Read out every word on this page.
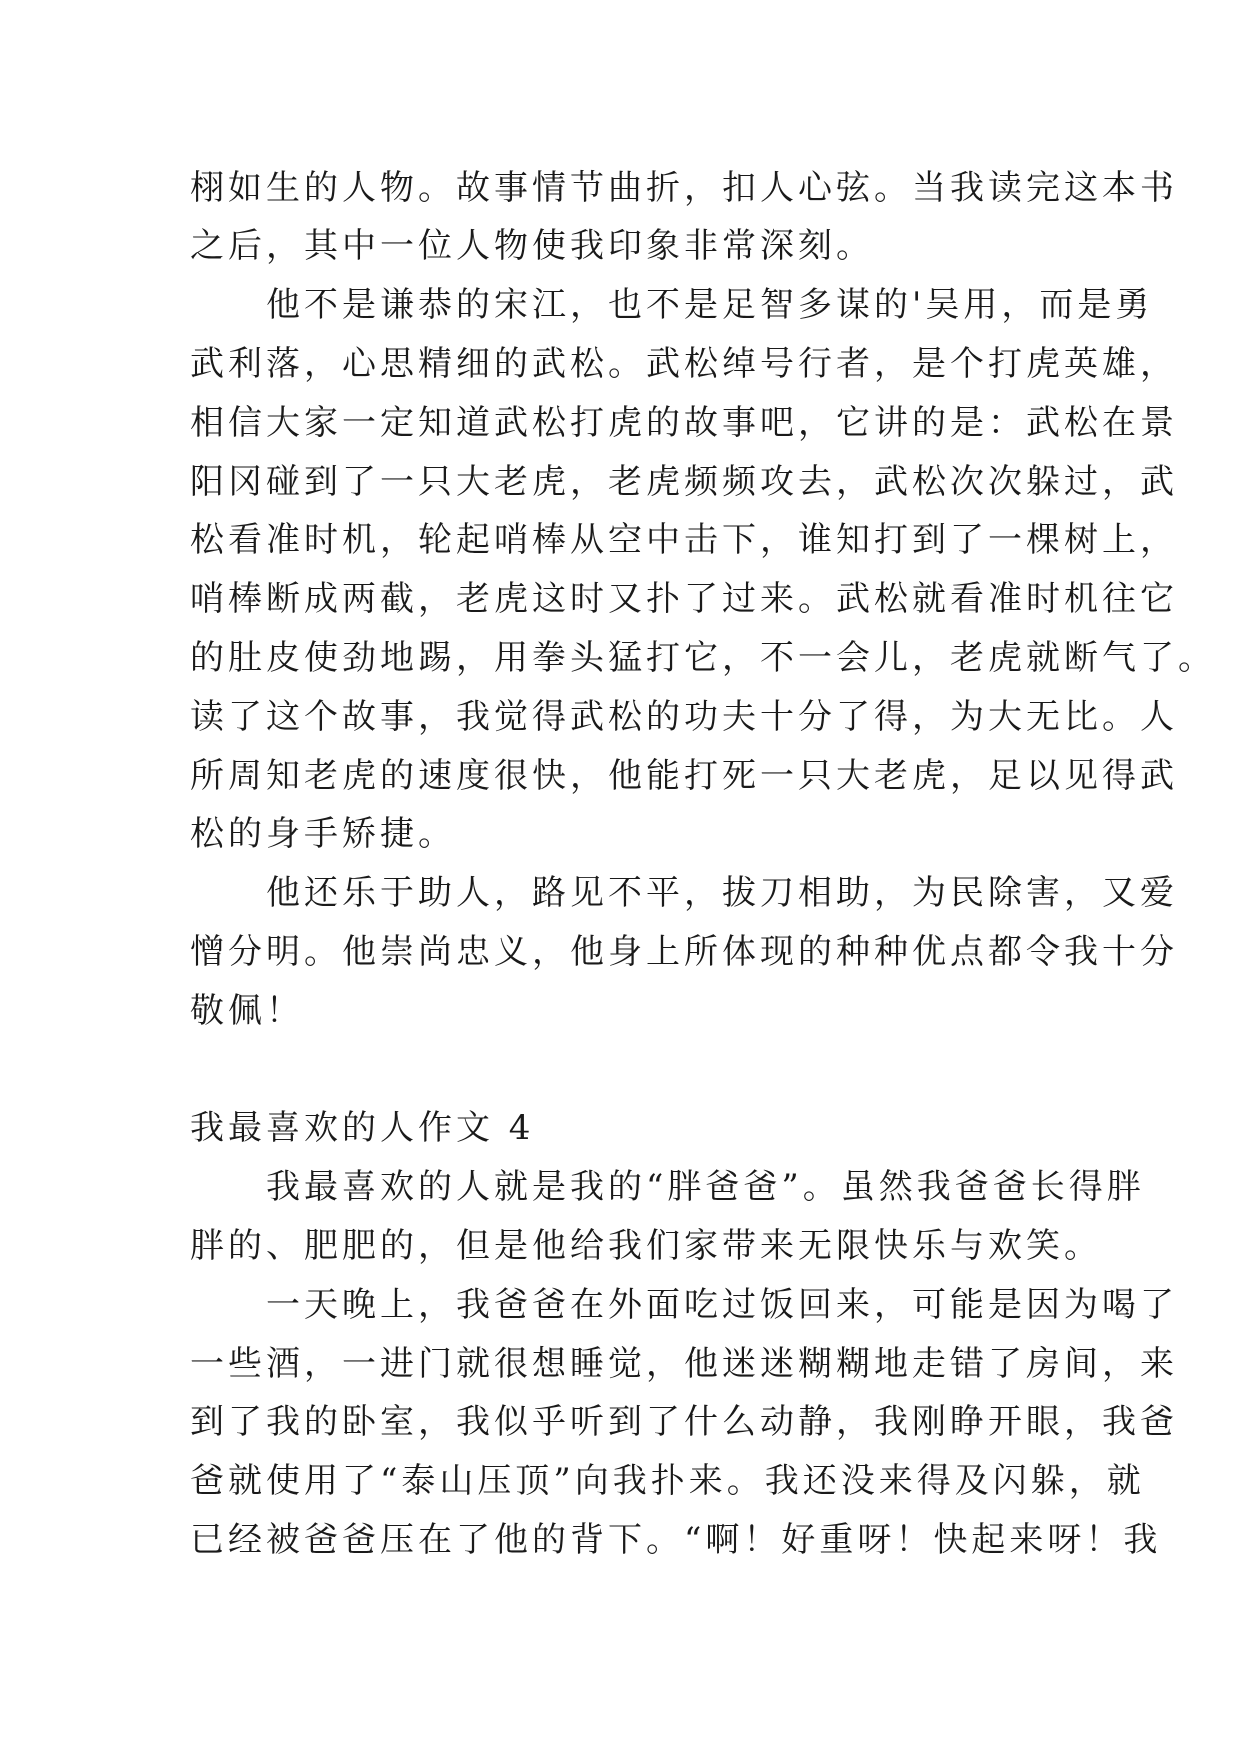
栩如生的人物。故事情节曲折，扣人心弦。当我读完这本书
之后，其中一位人物使我印象非常深刻。
　　他不是谦恭的宋江，也不是足智多谋的'吴用，而是勇
武利落，心思精细的武松。武松绰号行者，是个打虎英雄，
相信大家一定知道武松打虎的故事吧，它讲的是：武松在景
阳冈碰到了一只大老虎，老虎频频攻去，武松次次躲过，武
松看准时机，轮起哨棒从空中击下，谁知打到了一棵树上，
哨棒断成两截，老虎这时又扑了过来。武松就看准时机往它
的肚皮使劲地踢，用拳头猛打它，不一会儿，老虎就断气了。
读了这个故事，我觉得武松的功夫十分了得，为大无比。人
所周知老虎的速度很快，他能打死一只大老虎，足以见得武
松的身手矫捷。
　　他还乐于助人，路见不平，拔刀相助，为民除害，又爱
憎分明。他崇尚忠义，他身上所体现的种种优点都令我十分
敬佩！
我最喜欢的人作文 4
　　我最喜欢的人就是我的“胖爸爸”。虽然我爸爸长得胖
胖的、肥肥的，但是他给我们家带来无限快乐与欢笑。
　　一天晚上，我爸爸在外面吃过饭回来，可能是因为喝了
一些酒，一进门就很想睡觉，他迷迷糊糊地走错了房间，来
到了我的卧室，我似乎听到了什么动静，我刚睁开眼，我爸
爸就使用了“泰山压顶”向我扑来。我还没来得及闪躲，就
已经被爸爸压在了他的背下。“啊！好重呀！快起来呀！我
